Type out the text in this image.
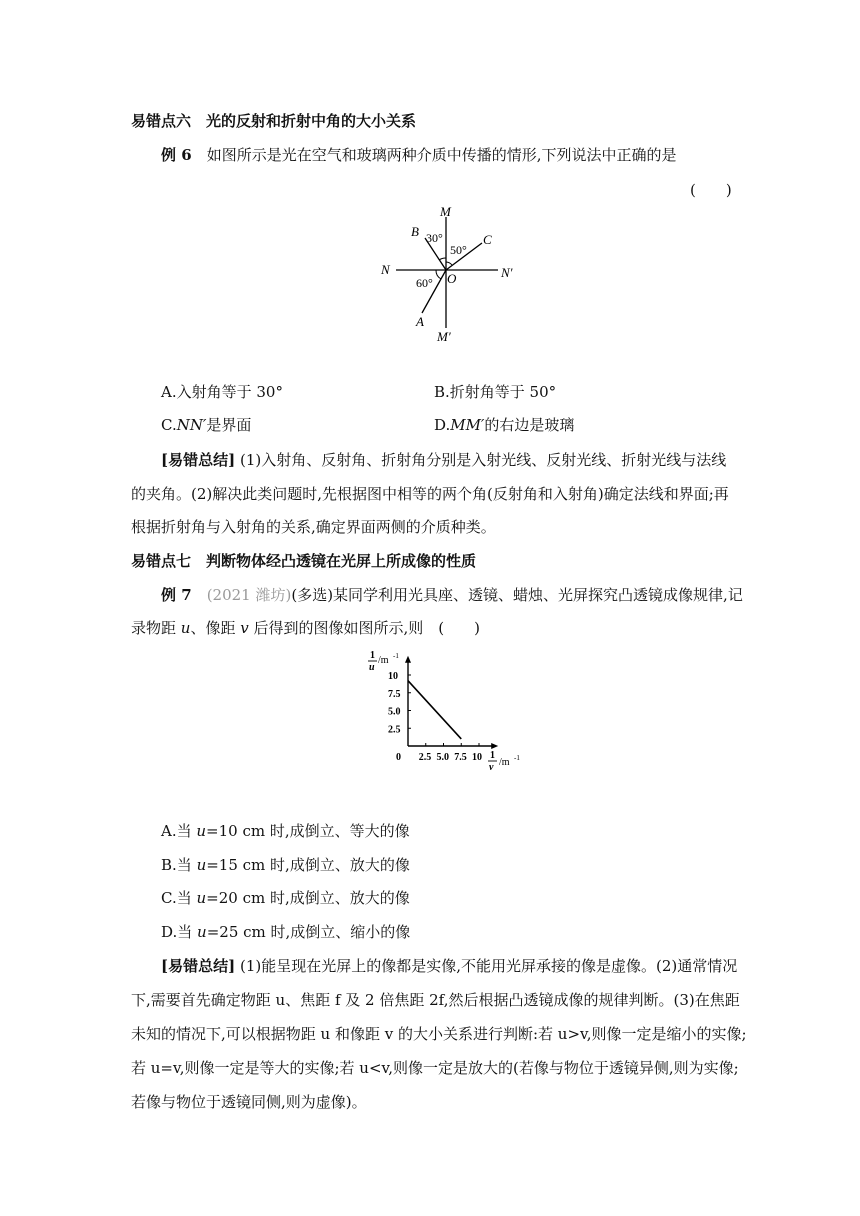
易错点六　光的反射和折射中角的大小关系
例 6　 如图所示是光在空气和玻璃两种介质中传播的情形,下列说法中正确的是
(　　)
M
B 30°
50°
C
N
O	N′
60°
A
M′
A.入射角等于 30°	B.折射角等于 50°
C.NN′是界面	D.MM′的右边是玻璃
[易错总结] (1)入射角、反射角、折射角分别是入射光线、反射光线、折射光线与法线
的夹角。(2)解决此类问题时,先根据图中相等的两个角(反射角和入射角)确定法线和界面;再
根据折射角与入射角的关系,确定界面两侧的介质种类。
易错点七　判断物体经凸透镜在光屏上所成像的性质
例 7　 (2021 潍坊)(多选)某同学利用光具座、透镜、蜡烛、光屏探究凸透镜成像规律,记
录物距 u、像距 v 后得到的图像如图所示,则　(　　)
0 2.5 5.0 7.5 10
2.5
5.0
7.5
10
1
u
/m -1
1
v /m -1
A.当 u=10 cm 时,成倒立、等大的像
B.当 u=15 cm 时,成倒立、放大的像
C.当 u=20 cm 时,成倒立、放大的像
D.当 u=25 cm 时,成倒立、缩小的像
[易错总结] (1)能呈现在光屏上的像都是实像,不能用光屏承接的像是虚像。(2)通常情况
下,需要首先确定物距 u、焦距 f 及 2 倍焦距 2f,然后根据凸透镜成像的规律判断。(3)在焦距
未知的情况下,可以根据物距 u 和像距 v 的大小关系进行判断:若 u>v,则像一定是缩小的实像;
若 u=v,则像一定是等大的实像;若 u<v,则像一定是放大的(若像与物位于透镜异侧,则为实像;
若像与物位于透镜同侧,则为虚像)。
